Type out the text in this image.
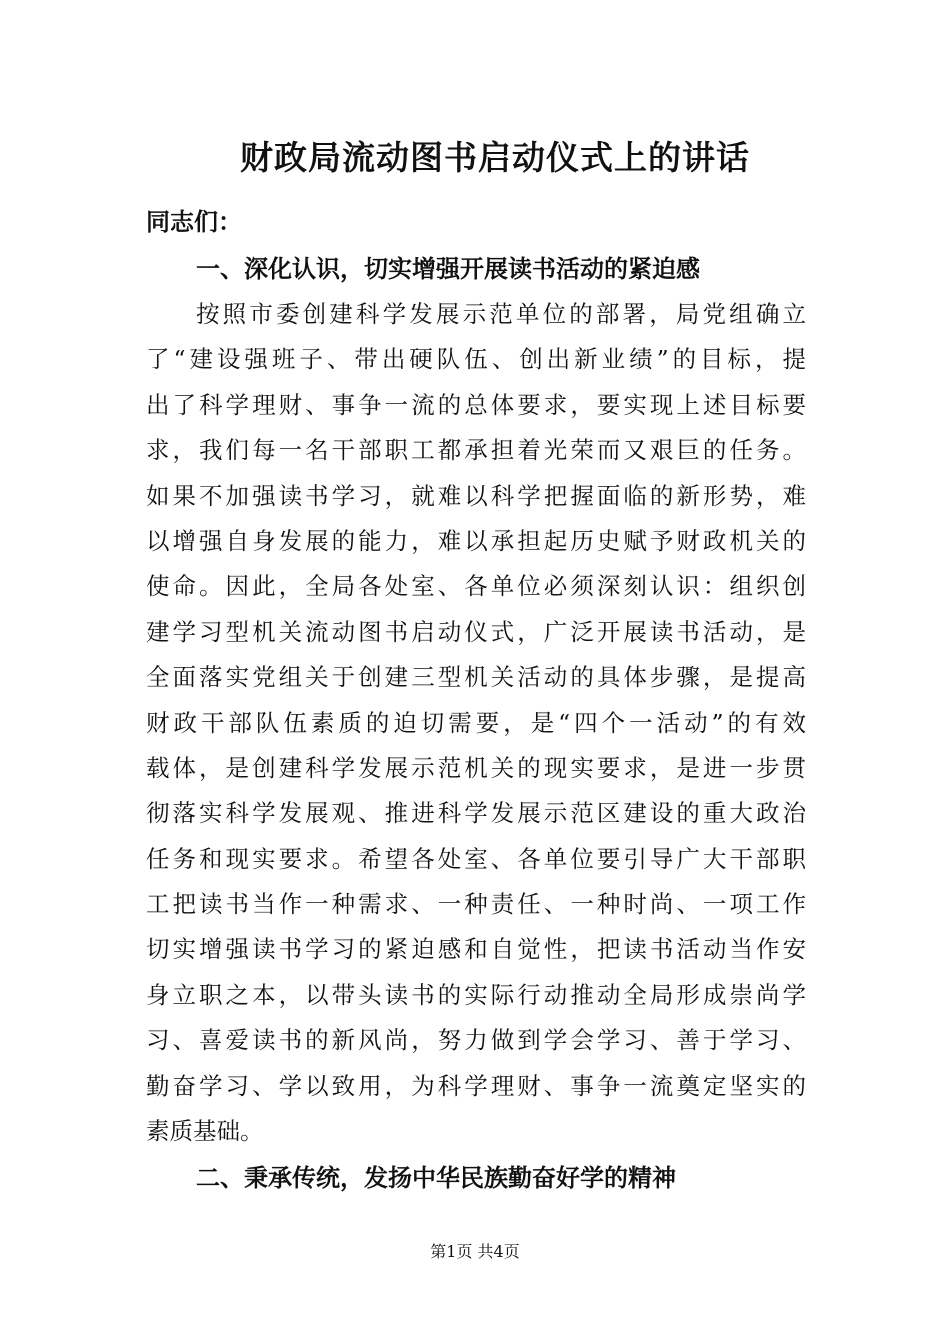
财政局流动图书启动仪式上的讲话
同志们：
一、深化认识，切实增强开展读书活动的紧迫感
按照市委创建科学发展示范单位的部署，局党组确立
了“建设强班子、带出硬队伍、创出新业绩”的目标，提
出了科学理财、事争一流的总体要求，要实现上述目标要
求，我们每一名干部职工都承担着光荣而又艰巨的任务。
如果不加强读书学习，就难以科学把握面临的新形势，难
以增强自身发展的能力，难以承担起历史赋予财政机关的
使命。因此，全局各处室、各单位必须深刻认识：组织创
建学习型机关流动图书启动仪式，广泛开展读书活动，是
全面落实党组关于创建三型机关活动的具体步骤，是提高
财政干部队伍素质的迫切需要，是“四个一活动”的有效
载体，是创建科学发展示范机关的现实要求，是进一步贯
彻落实科学发展观、推进科学发展示范区建设的重大政治
任务和现实要求。希望各处室、各单位要引导广大干部职
工把读书当作一种需求、一种责任、一种时尚、一项工作
切实增强读书学习的紧迫感和自觉性，把读书活动当作安
身立职之本，以带头读书的实际行动推动全局形成崇尚学
习、喜爱读书的新风尚，努力做到学会学习、善于学习、
勤奋学习、学以致用，为科学理财、事争一流奠定坚实的
素质基础。
二、秉承传统，发扬中华民族勤奋好学的精神
第1页 共4页
